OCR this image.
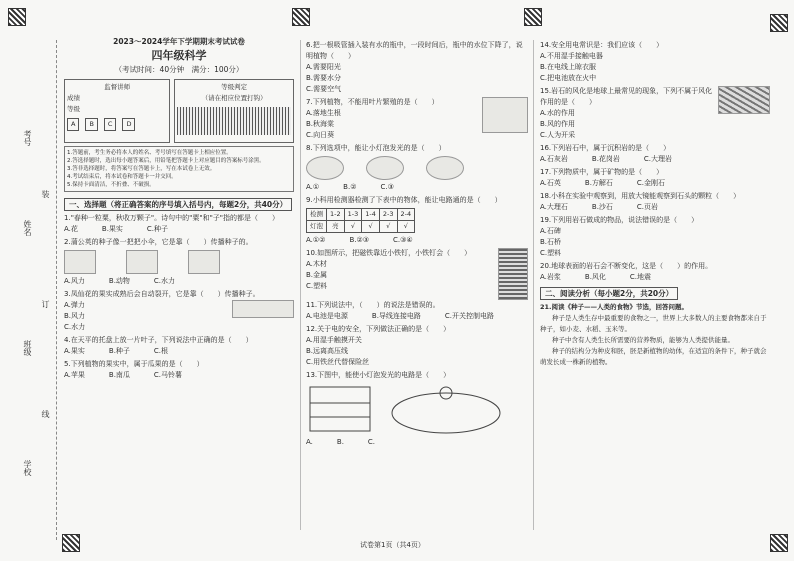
考号
姓名
班级
学校
装
订
线
2023～2024学年下学期期末考试试卷
四年级科学
（考试时间：40分钟　满分：100分）
监督讲师
成绩
等级
A	B	C	D
等级判定
（请在相应位置打钩）
1.答题前，考生务必将本人的姓名、考号填写在答题卡上相应位置。
2.答选择题时，选出每小题答案后，用铅笔把答题卡上对应题目的答案标号涂黑。
3.答非选择题时，将答案写在答题卡上，写在本试卷上无效。
4.考试结束后，将本试卷和答题卡一并交回。
5.保持卡面清洁，不折叠、不破损。
一、选择题（将正确答案的序号填入括号内，每题2分，共40分）
1."春种一粒粟，秋收万颗子"。诗句中的"粟"和"子"指的都是（　　）
A.花	B.果实	C.种子
2.蒲公英的种子像一把把小伞，它是靠（　　）传播种子的。
A.风力	B.动物	C.水力
3.凤仙花的果实成熟后会自动裂开，它是靠（　　）传播种子。

A.弹力
B.风力
C.水力
4.在天平的托盘上放一片叶子，下列说法中正确的是（　　）
A.果实	B.种子	C.根
5.下列植物的果实中，属于瓜果的是（　　）
A.苹果	B.南瓜	C.马铃薯
6.把一根吸管插入装有水的瓶中，一段时间后，瓶中的水位下降了，说明植物（　　）
A.需要阳光
B.需要水分
C.需要空气
7.下列植物，不能用叶片繁殖的是（　　）
A.落地生根
B.秋海棠
C.向日葵
8.下列选项中，能让小灯泡发光的是（　　）
A.①	B.②	C.③
9.小科用检测器检测了下表中的物体，能让电路通的是（　　）
检测	1-2	1-3	1-4	2-3	2-4
灯泡	亮	√	√	√	√
A.①②	B.②③	C.③④
10.如图所示，把磁铁靠近小铁钉，小铁钉会（　　）
A.木材
B.金属
C.塑料
11.下列说法中，（　　）的说法是错误的。
A.电池是电源	B.导线连接电路	C.开关控制电路
12.关于电的安全，下列做法正确的是（　　）
A.用湿手触摸开关
B.远离高压线
C.用铁丝代替保险丝
13.下图中，能使小灯泡发光的电路是（　　）
A.	B.	C.
14.安全用电常识是：我们应该（　　）
A.不用湿手接触电器
B.在电线上晾衣服
C.把电池放在火中
15.岩石的风化是地球上最常见的现象，下列不属于风化作用的是（　　）
A.水的作用
B.风的作用
C.人为开采
16.下列岩石中，属于沉积岩的是（　　）
A.石灰岩	B.花岗岩	C.大理岩
17.下列物质中，属于矿物的是（　　）
A.石英	B.方解石	C.金刚石
18.小科在实验中观察到，用放大镜能观察到石头的颗粒（　　）
A.大理石	B.沙石	C.页岩
19.下列用岩石做成的物品，说法错误的是（　　）
A.石碑
B.石桥
C.塑料
20.地球表面的岩石会不断变化，这是（　　）的作用。
A.岩浆	B.风化	C.地震
二、阅读分析（每小题2分，共20分）
21.阅读《种子——人类的食物》节选，回答问题。

种子是人类生存中最重要的食物之一，世界上大多数人的主要食物都来自于种子，如小麦、水稻、玉米等。

种子中含有人类生长所需要的营养物质，能够为人类提供能量。

种子的结构分为种皮和胚，胚是新植物的幼体，在适宜的条件下，种子就会萌发长成一株新的植物。

试卷第1页（共4页）
